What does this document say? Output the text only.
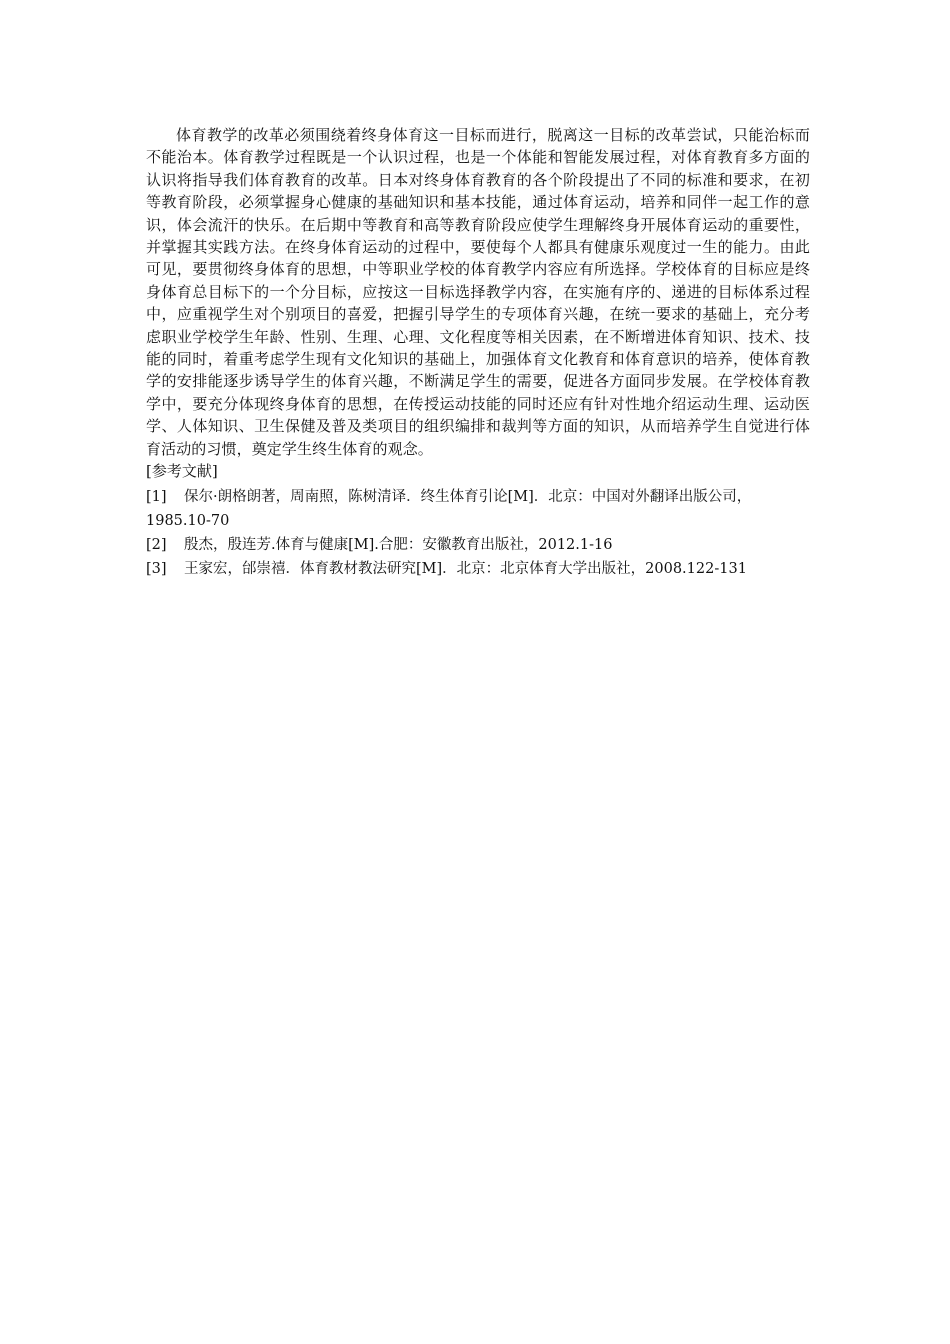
体育教学的改革必须围绕着终身体育这一目标而进行，脱离这一目标的改革尝试，只能治标而不能治本。体育教学过程既是一个认识过程，也是一个体能和智能发展过程，对体育教育多方面的认识将指导我们体育教育的改革。日本对终身体育教育的各个阶段提出了不同的标准和要求，在初等教育阶段，必须掌握身心健康的基础知识和基本技能，通过体育运动，培养和同伴一起工作的意识，体会流汗的快乐。在后期中等教育和高等教育阶段应使学生理解终身开展体育运动的重要性，并掌握其实践方法。在终身体育运动的过程中，要使每个人都具有健康乐观度过一生的能力。由此可见，要贯彻终身体育的思想，中等职业学校的体育教学内容应有所选择。学校体育的目标应是终身体育总目标下的一个分目标，应按这一目标选择教学内容，在实施有序的、递进的目标体系过程中，应重视学生对个别项目的喜爱，把握引导学生的专项体育兴趣，在统一要求的基础上，充分考虑职业学校学生年龄、性别、生理、心理、文化程度等相关因素，在不断增进体育知识、技术、技能的同时，着重考虑学生现有文化知识的基础上，加强体育文化教育和体育意识的培养，使体育教学的安排能逐步诱导学生的体育兴趣，不断满足学生的需要，促进各方面同步发展。在学校体育教学中，要充分体现终身体育的思想，在传授运动技能的同时还应有针对性地介绍运动生理、运动医学、人体知识、卫生保健及普及类项目的组织编排和裁判等方面的知识，从而培养学生自觉进行体育活动的习惯，奠定学生终生体育的观念。

[参考文献]

[1] 保尔·朗格朗著，周南照，陈树清译．终生体育引论[M]．北京：中国对外翻译出版公司，1985.10-70
[2] 殷杰，殷连芳.体育与健康[M].合肥：安徽教育出版社，2012.1-16
[3] 王家宏，邰崇禧．体育教材教法研究[M]．北京：北京体育大学出版社，2008.122-131
